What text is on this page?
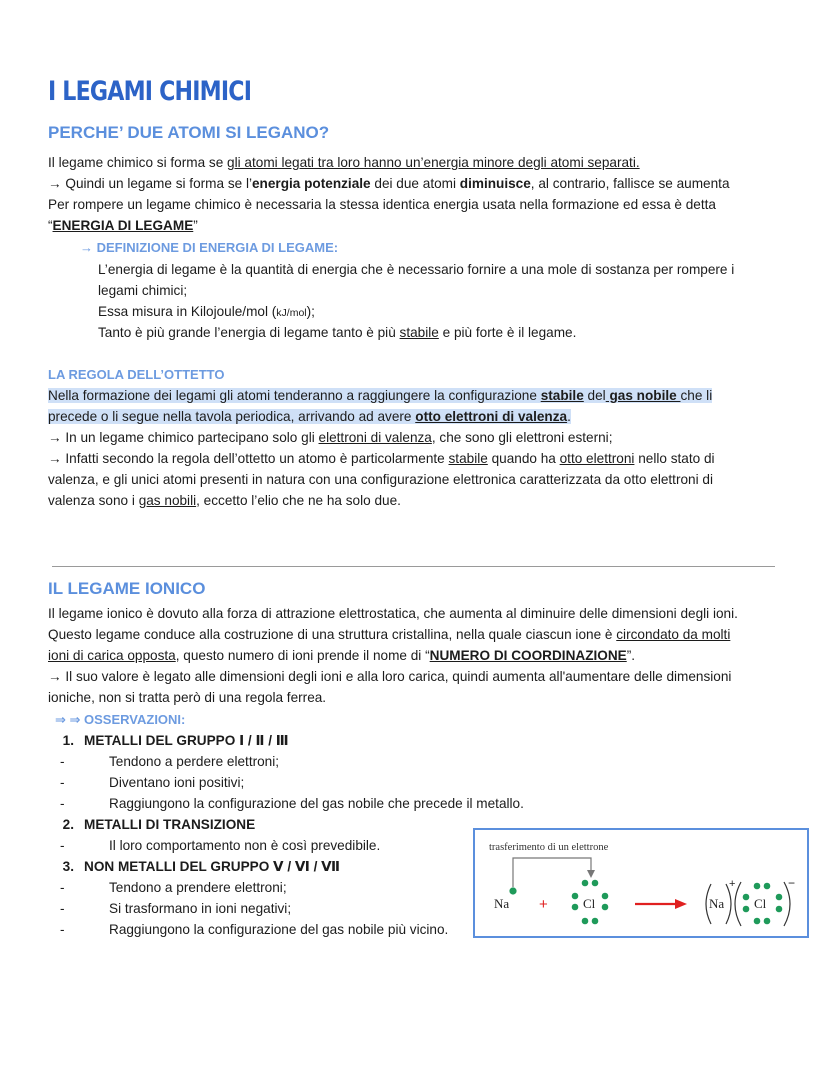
I LEGAMI CHIMICI
PERCHE’ DUE ATOMI SI LEGANO?
Il legame chimico si forma se gli atomi legati tra loro hanno un’energia minore degli atomi separati.
→ Quindi un legame si forma se l’energia potenziale dei due atomi diminuisce, al contrario, fallisce se aumenta
Per rompere un legame chimico è necessaria la stessa identica energia usata nella formazione ed essa è detta
“ENERGIA DI LEGAME”
→ DEFINIZIONE DI ENERGIA DI LEGAME:
L’energia di legame è la quantità di energia che è necessario fornire a una mole di sostanza per rompere i
legami chimici;
Essa misura in Kilojoule/mol (kJ/mol);
Tanto è più grande l’energia di legame tanto è più stabile e più forte è il legame.
LA REGOLA DELL’OTTETTO
Nella formazione dei legami gli atomi tenderanno a raggiungere la configurazione stabile del gas nobile che li
precede o li segue nella tavola periodica, arrivando ad avere otto elettroni di valenza.
→ In un legame chimico partecipano solo gli elettroni di valenza, che sono gli elettroni esterni;
→ Infatti secondo la regola dell’ottetto un atomo è particolarmente stabile quando ha otto elettroni nello stato di
valenza, e gli unici atomi presenti in natura con una configurazione elettronica caratterizzata da otto elettroni di
valenza sono i gas nobili, eccetto l’elio che ne ha solo due.
IL LEGAME IONICO
Il legame ionico è dovuto alla forza di attrazione elettrostatica, che aumenta al diminuire delle dimensioni degli ioni.
Questo legame conduce alla costruzione di una struttura cristallina, nella quale ciascun ione è circondato da molti
ioni di carica opposta, questo numero di ioni prende il nome di “NUMERO DI COORDINAZIONE”.
→ Il suo valore è legato alle dimensioni degli ioni e alla loro carica, quindi aumenta all'aumentare delle dimensioni
ioniche, non si tratta però di una regola ferrea.
⇒ ⇒ OSSERVAZIONI:
1. METALLI DEL GRUPPO Ⅰ / Ⅱ / Ⅲ
-	Tendono a perdere elettroni;
-	Diventano ioni positivi;
-	Raggiungono la configurazione del gas nobile che precede il metallo.
2. METALLI DI TRANSIZIONE
-	Il loro comportamento non è così prevedibile.
3. NON METALLI DEL GRUPPO Ⅴ / Ⅵ / Ⅶ
-	Tendono a prendere elettroni;
-	Si trasformano in ioni negativi;
-	Raggiungono la configurazione del gas nobile più vicino.
trasferimento di un elettrone
Na +	Cl	Na
+
Cl
−
